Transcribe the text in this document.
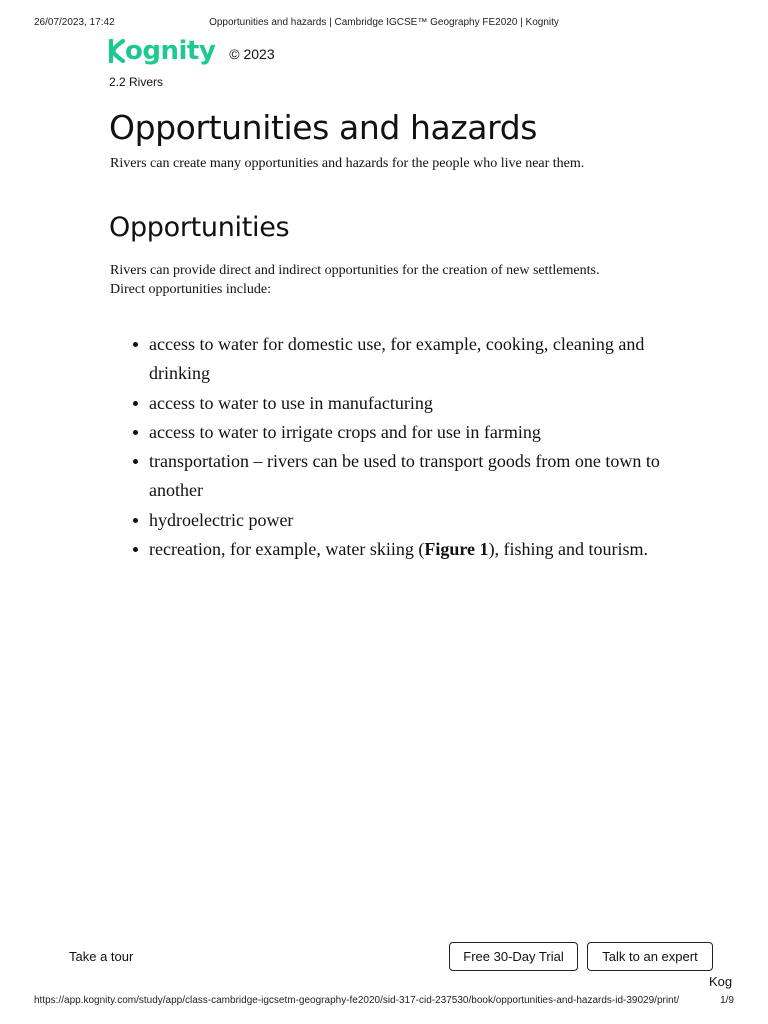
26/07/2023, 17:42	Opportunities and hazards | Cambridge IGCSE™ Geography FE2020 | Kognity
ognity © 2023
2.2 Rivers
Opportunities and hazards

Rivers can create many opportunities and hazards for the people who live near them.

Opportunities

Rivers can provide direct and indirect opportunities for the creation of new settlements.
Direct opportunities include:

access to water for domestic use, for example, cooking, cleaning and drinking
access to water to use in manufacturing
access to water to irrigate crops and for use in farming
transportation – rivers can be used to transport goods from one town to another
hydroelectric power
recreation, for example, water skiing (Figure 1), fishing and tourism.
Take a tour	Free 30-Day Trial	Talk to an expert
Kog
https://app.kognity.com/study/app/class-cambridge-igcsetm-geography-fe2020/sid-317-cid-237530/book/opportunities-and-hazards-id-39029/print/	1/9
